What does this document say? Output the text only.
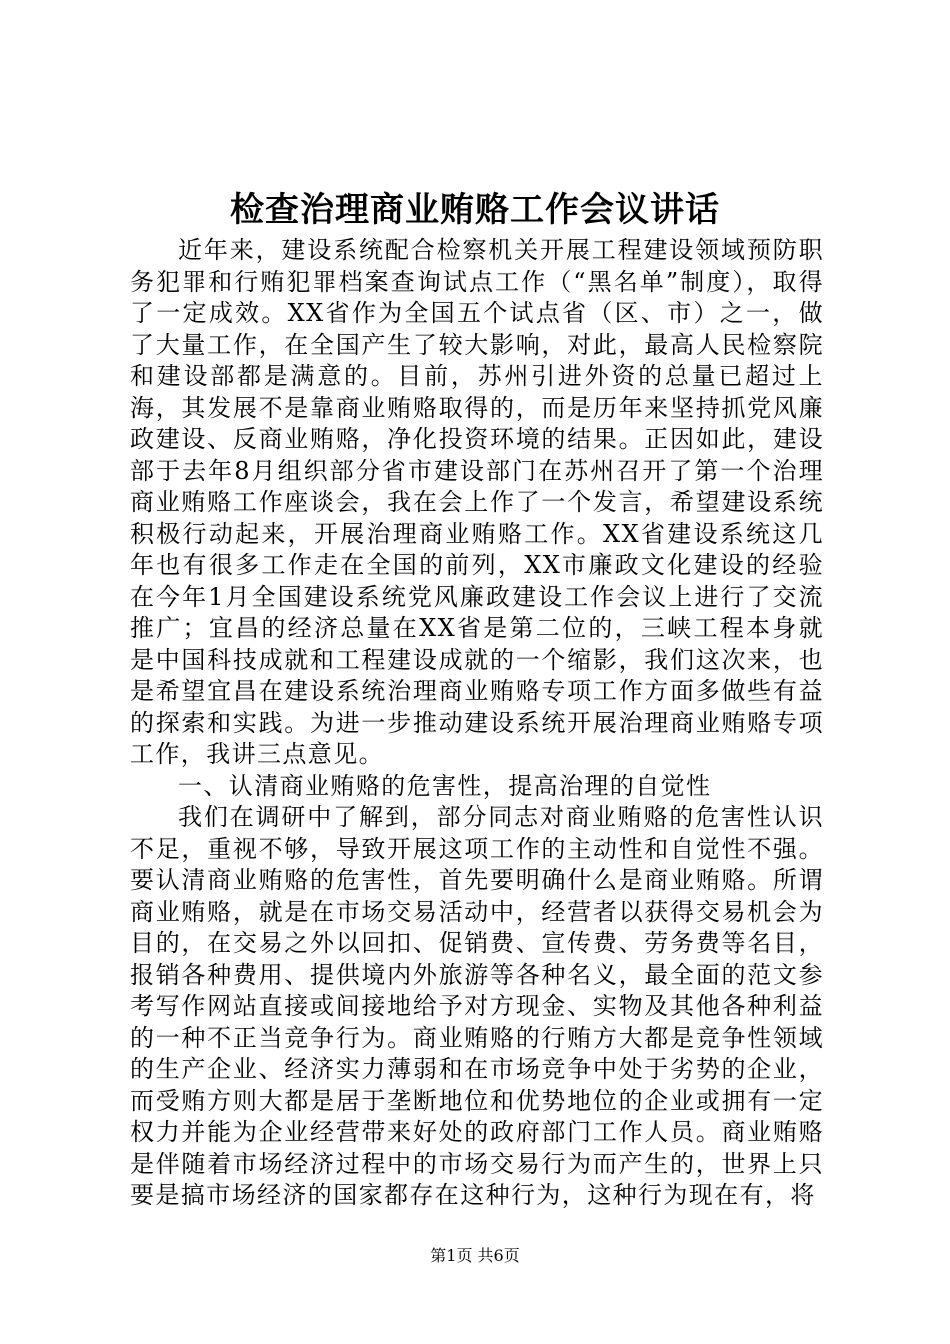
检查治理商业贿赂工作会议讲话

近年来，建设系统配合检察机关开展工程建设领域预防职务犯罪和行贿犯罪档案查询试点工作（“黑名单”制度），取得了一定成效。XX省作为全国五个试点省（区、市）之一，做了大量工作，在全国产生了较大影响，对此，最高人民检察院和建设部都是满意的。目前，苏州引进外资的总量已超过上海，其发展不是靠商业贿赂取得的，而是历年来坚持抓党风廉政建设、反商业贿赂，净化投资环境的结果。正因如此，建设部于去年8月组织部分省市建设部门在苏州召开了第一个治理商业贿赂工作座谈会，我在会上作了一个发言，希望建设系统积极行动起来，开展治理商业贿赂工作。XX省建设系统这几年也有很多工作走在全国的前列，XX市廉政文化建设的经验在今年1月全国建设系统党风廉政建设工作会议上进行了交流推广；宜昌的经济总量在XX省是第二位的，三峡工程本身就是中国科技成就和工程建设成就的一个缩影，我们这次来，也是希望宜昌在建设系统治理商业贿赂专项工作方面多做些有益的探索和实践。为进一步推动建设系统开展治理商业贿赂专项工作，我讲三点意见。

一、认清商业贿赂的危害性，提高治理的自觉性

我们在调研中了解到，部分同志对商业贿赂的危害性认识不足，重视不够，导致开展这项工作的主动性和自觉性不强。要认清商业贿赂的危害性，首先要明确什么是商业贿赂。所谓商业贿赂，就是在市场交易活动中，经营者以获得交易机会为目的，在交易之外以回扣、促销费、宣传费、劳务费等名目，报销各种费用、提供境内外旅游等各种名义，最全面的范文参考写作网站直接或间接地给予对方现金、实物及其他各种利益的一种不正当竞争行为。商业贿赂的行贿方大都是竞争性领域的生产企业、经济实力薄弱和在市场竞争中处于劣势的企业，而受贿方则大都是居于垄断地位和优势地位的企业或拥有一定权力并能为企业经营带来好处的政府部门工作人员。商业贿赂是伴随着市场经济过程中的市场交易行为而产生的，世界上只要是搞市场经济的国家都存在这种行为，这种行为现在有，将

第1页 共6页
